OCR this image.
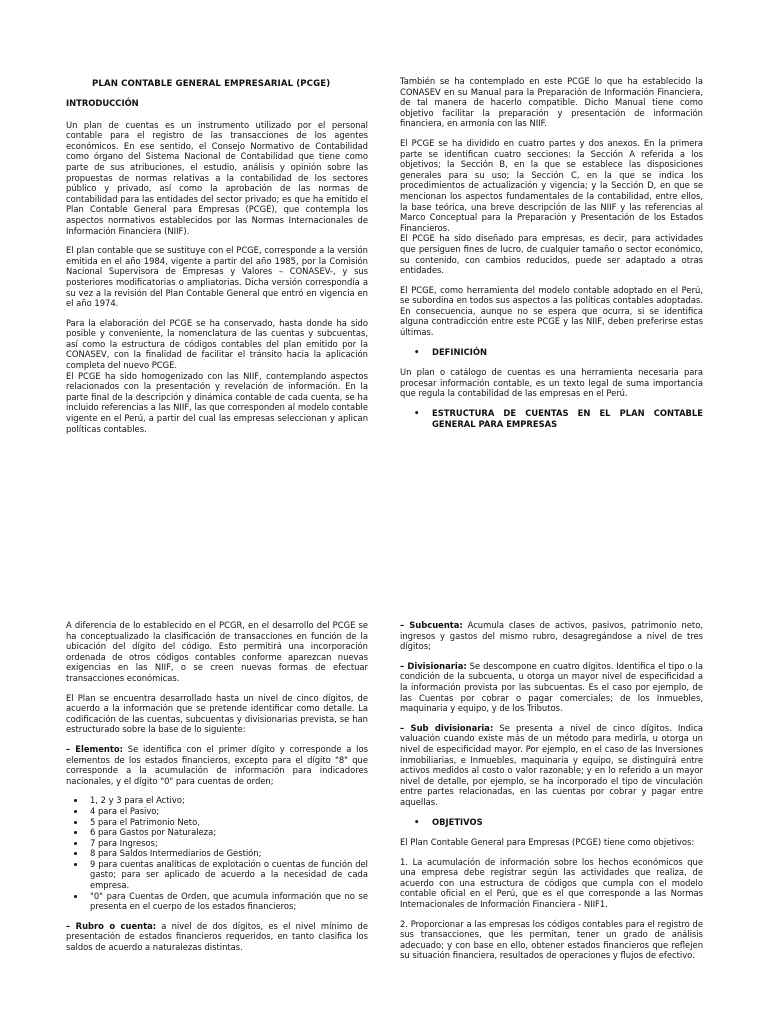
PLAN CONTABLE GENERAL EMPRESARIAL (PCGE)
INTRODUCCIÓN

Un plan de cuentas es un instrumento utilizado por el personal contable para el registro de las transacciones de los agentes económicos. En ese sentido, el Consejo Normativo de Contabilidad como órgano del Sistema Nacional de Contabilidad que tiene como parte de sus atribuciones, el estudio, análisis y opinión sobre las propuestas de normas relativas a la contabilidad de los sectores público y privado, así como la aprobación de las normas de contabilidad para las entidades del sector privado; es que ha emitido el Plan Contable General para Empresas (PCGE), que contempla los aspectos normativos establecidos por las Normas Internacionales de Información Financiera (NIIF).

El plan contable que se sustituye con el PCGE, corresponde a la versión emitida en el año 1984, vigente a partir del año 1985, por la Comisión Nacional Supervisora de Empresas y Valores – CONASEV-, y sus posteriores modificatorias o ampliatorias. Dicha versión correspondía a su vez a la revisión del Plan Contable General que entró en vigencia en el año 1974.

Para la elaboración del PCGE se ha conservado, hasta donde ha sido posible y conveniente, la nomenclatura de las cuentas y subcuentas, así como la estructura de códigos contables del plan emitido por la CONASEV, con la finalidad de facilitar el tránsito hacia la aplicación completa del nuevo PCGE.

El PCGE ha sido homogenizado con las NIIF, contemplando aspectos relacionados con la presentación y revelación de información. En la parte final de la descripción y dinámica contable de cada cuenta, se ha incluido referencias a las NIIF, las que corresponden al modelo contable vigente en el Perú, a partir del cual las empresas seleccionan y aplican políticas contables.

También se ha contemplado en este PCGE lo que ha establecido la CONASEV en su Manual para la Preparación de Información Financiera, de tal manera de hacerlo compatible. Dicho Manual tiene como objetivo facilitar la preparación y presentación de información financiera, en armonía con las NIIF.

El PCGE se ha dividido en cuatro partes y dos anexos. En la primera parte se identifican cuatro secciones: la Sección A referida a los objetivos; la Sección B, en la que se establece las disposiciones generales para su uso; la Sección C, en la que se indica los procedimientos de actualización y vigencia; y la Sección D, en que se mencionan los aspectos fundamentales de la contabilidad, entre ellos, la base teórica, una breve descripción de las NIIF y las referencias al Marco Conceptual para la Preparación y Presentación de los Estados Financieros.

El PCGE ha sido diseñado para empresas, es decir, para actividades que persiguen fines de lucro, de cualquier tamaño o sector económico, su contenido, con cambios reducidos, puede ser adaptado a otras entidades.

El PCGE, como herramienta del modelo contable adoptado en el Perú, se subordina en todos sus aspectos a las políticas contables adoptadas. En consecuencia, aunque no se espera que ocurra, si se identifica alguna contradicción entre este PCGE y las NIIF, deben preferirse estas últimas.

• DEFINICIÓN

Un plan o catálogo de cuentas es una herramienta necesaria para procesar información contable, es un texto legal de suma importancia que regula la contabilidad de las empresas en el Perú.

• ESTRUCTURA DE CUENTAS EN EL PLAN CONTABLE GENERAL PARA EMPRESAS

A diferencia de lo establecido en el PCGR, en el desarrollo del PCGE se ha conceptualizado la clasificación de transacciones en función de la ubicación del dígito del código. Esto permitirá una incorporación ordenada de otros códigos contables conforme aparezcan nuevas exigencias en las NIIF, o se creen nuevas formas de efectuar transacciones económicas.

El Plan se encuentra desarrollado hasta un nivel de cinco dígitos, de acuerdo a la información que se pretende identificar como detalle. La codificación de las cuentas, subcuentas y divisionarias prevista, se han estructurado sobre la base de lo siguiente:

– Elemento: Se identifica con el primer dígito y corresponde a los elementos de los estados financieros, excepto para el dígito "8" que corresponde a la acumulación de información para indicadores nacionales, y el dígito "0" para cuentas de orden;

• 1, 2 y 3 para el Activo;
• 4 para el Pasivo;
• 5 para el Patrimonio Neto,
• 6 para Gastos por Naturaleza;
• 7 para Ingresos;
• 8 para Saldos Intermediarios de Gestión;
• 9 para cuentas analíticas de explotación o cuentas de función del gasto; para ser aplicado de acuerdo a la necesidad de cada empresa.
• "0" para Cuentas de Orden, que acumula información que no se presenta en el cuerpo de los estados financieros;

– Rubro o cuenta: a nivel de dos dígitos, es el nivel mínimo de presentación de estados financieros requeridos, en tanto clasifica los saldos de acuerdo a naturalezas distintas.

– Subcuenta: Acumula clases de activos, pasivos, patrimonio neto, ingresos y gastos del mismo rubro, desagregándose a nivel de tres dígitos;

– Divisionaria: Se descompone en cuatro dígitos. Identifica el tipo o la condición de la subcuenta, u otorga un mayor nivel de especificidad a la información provista por las subcuentas. Es el caso por ejemplo, de las Cuentas por cobrar o pagar comerciales; de los Inmuebles, maquinaria y equipo, y de los Tributos.

– Sub divisionaria: Se presenta a nivel de cinco dígitos. Indica valuación cuando existe más de un método para medirla, u otorga un nivel de especificidad mayor. Por ejemplo, en el caso de las Inversiones inmobiliarias, e Inmuebles, maquinaria y equipo, se distinguirá entre activos medidos al costo o valor razonable; y en lo referido a un mayor nivel de detalle, por ejemplo, se ha incorporado el tipo de vinculación entre partes relacionadas, en las cuentas por cobrar y pagar entre aquellas.

• OBJETIVOS

El Plan Contable General para Empresas (PCGE) tiene como objetivos:

1. La acumulación de información sobre los hechos económicos que una empresa debe registrar según las actividades que realiza, de acuerdo con una estructura de códigos que cumpla con el modelo contable oficial en el Perú, que es el que corresponde a las Normas Internacionales de Información Financiera - NIIF1.

2. Proporcionar a las empresas los códigos contables para el registro de sus transacciones, que les permitan, tener un grado de análisis adecuado; y con base en ello, obtener estados financieros que reflejen su situación financiera, resultados de operaciones y flujos de efectivo.
